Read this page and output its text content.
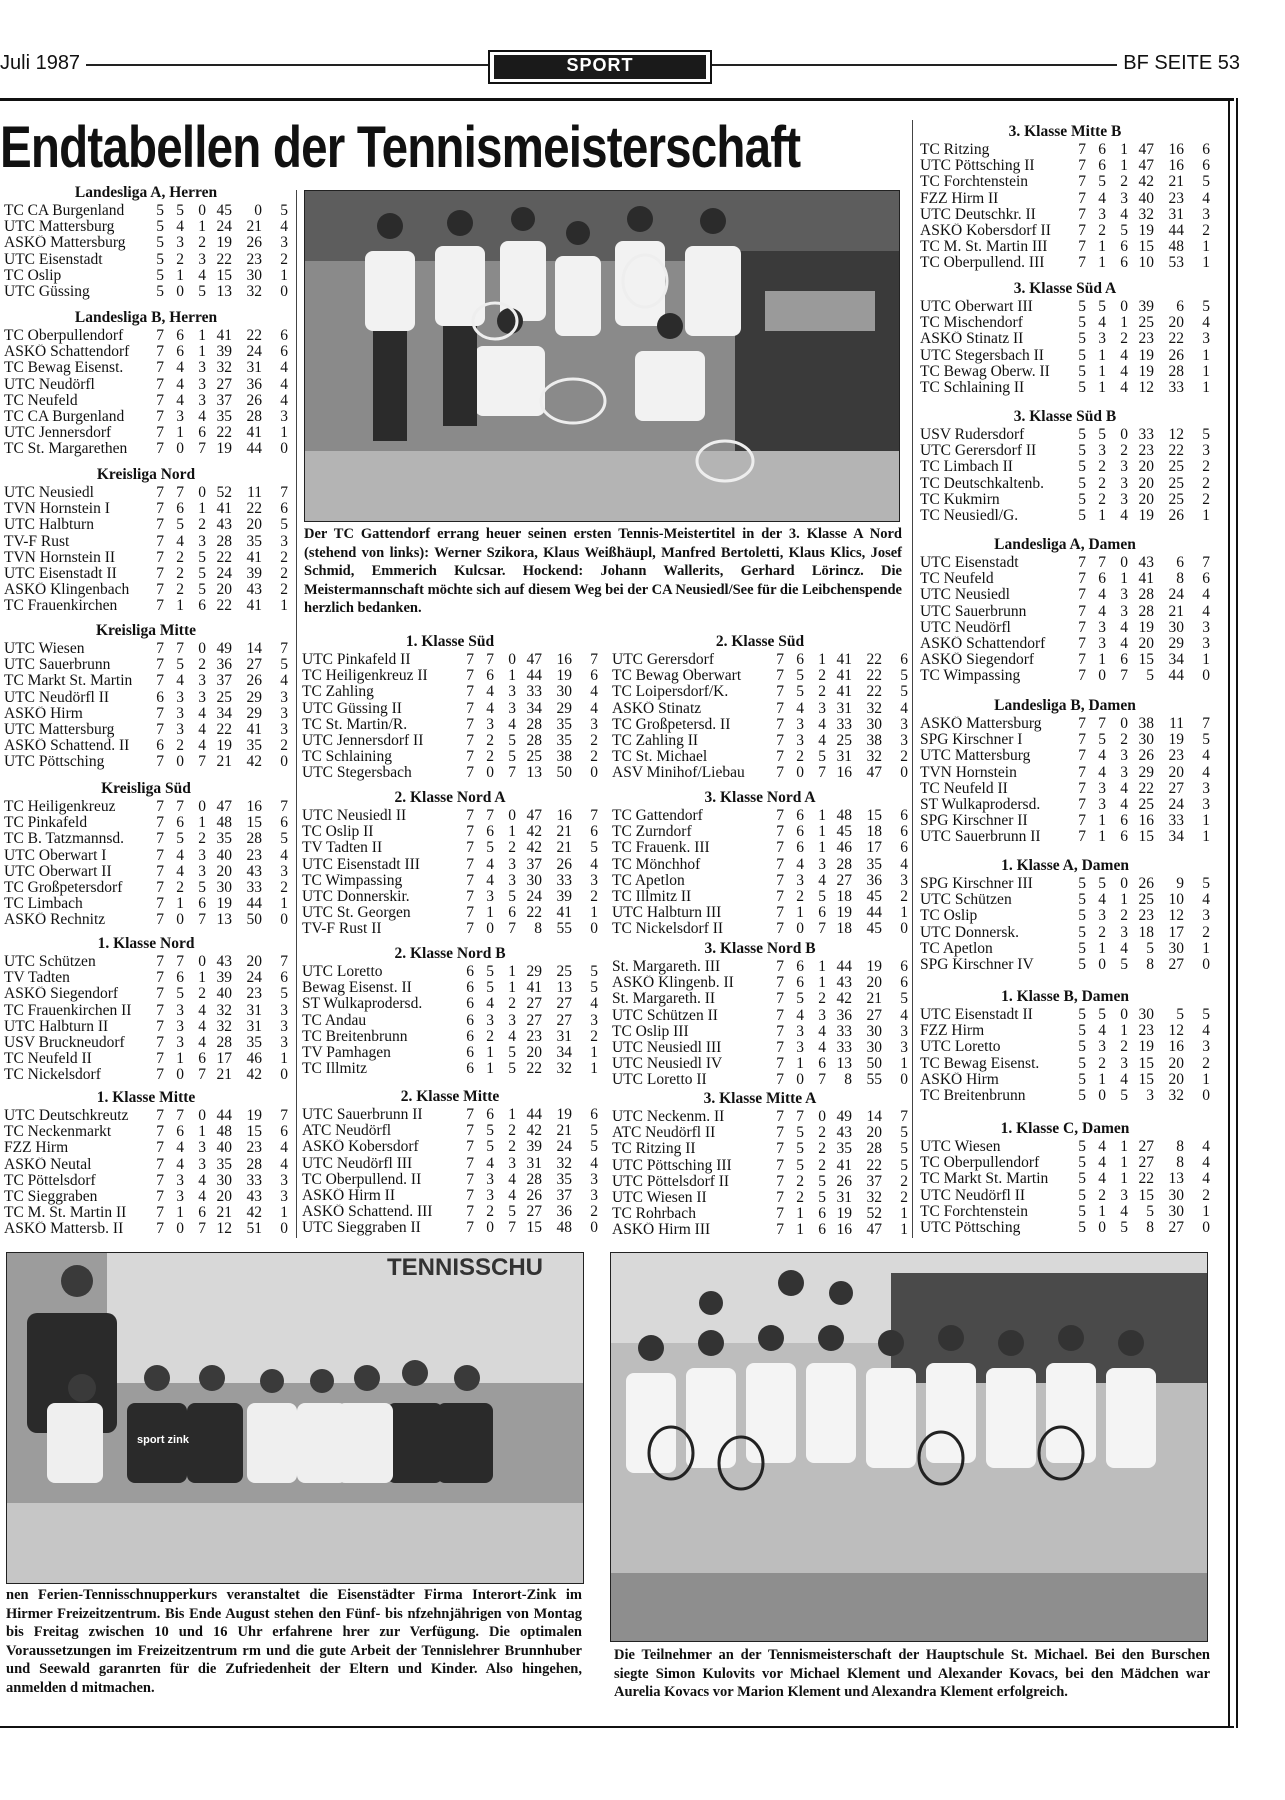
Juli 1987	SPORT	BF SEITE 53
Endtabellen der Tennismeisterschaft
Landesliga A, Herren
TC CA Burgenland	5 5 0 45	0	5
UTC Mattersburg	5 4 1 24 21	4
ASKÖ Mattersburg	5 3 2 19 26	3
UTC Eisenstadt	5 2 3 22 23	2
TC Oslip	5 1 4 15 30	1
UTC Güssing	5 0 5 13 32	0
Landesliga B, Herren
TC Oberpullendorf	7 6 1 41 22	6
ASKÖ Schattendorf	7 6 1 39 24	6
TC Bewag Eisenst.	7 4 3 32 31	4
UTC Neudörfl	7 4 3 27 36	4
TC Neufeld	7 4 3 37 26	4
TC CA Burgenland	7 3 4 35 28	3
UTC Jennersdorf	7 1 6 22 41	1
TC St. Margarethen	7 0 7 19 44	0
Kreisliga Nord
UTC Neusiedl	7 7 0 52 11	7
TVN Hornstein I	7 6 1 41 22	6
UTC Halbturn	7 5 2 43 20	5
TV-F Rust	7 4 3 28 35	3
TVN Hornstein II	7 2 5 22 41	2
UTC Eisenstadt II	7 2 5 24 39	2
ASKÖ Klingenbach	7 2 5 20 43	2
TC Frauenkirchen	7 1 6 22 41	1
Kreisliga Mitte
UTC Wiesen	7 7 0 49 14	7
UTC Sauerbrunn	7 5 2 36 27	5
TC Markt St. Martin	7 4 3 37 26	4
UTC Neudörfl II	6 3 3 25 29	3
ASKÖ Hirm	7 3 4 34 29	3
UTC Mattersburg	7 3 4 22 41	3
ASKÖ Schattend. II	6 2 4 19 35	2
UTC Pöttsching	7 0 7 21 42	0
Kreisliga Süd
TC Heiligenkreuz	7 7 0 47 16	7
TC Pinkafeld	7 6 1 48 15	6
TC B. Tatzmannsd.	7 5 2 35 28	5
UTC Oberwart I	7 4 3 40 23	4
UTC Oberwart II	7 4 3 20 43	3
TC Großpetersdorf	7 2 5 30 33	2
TC Limbach	7 1 6 19 44	1
ASKÖ Rechnitz	7 0 7 13 50	0
1. Klasse Nord
UTC Schützen	7 7 0 43 20	7
TV Tadten	7 6 1 39 24	6
ASKÖ Siegendorf	7 5 2 40 23	5
TC Frauenkirchen II	7 3 4 32 31	3
UTC Halbturn II	7 3 4 32 31	3
USV Bruckneudorf	7 3 4 28 35	3
TC Neufeld II	7 1 6 17 46	1
TC Nickelsdorf	7 0 7 21 42	0
1. Klasse Mitte
UTC Deutschkreutz	7 7 0 44 19	7
TC Neckenmarkt	7 6 1 48 15	6
FZZ Hirm	7 4 3 40 23	4
ASKÖ Neutal	7 4 3 35 28	4
TC Pöttelsdorf	7 3 4 30 33	3
TC Sieggraben	7 3 4 20 43	3
TC M. St. Martin II	7 1 6 21 42	1
ASKÖ Mattersb. II	7 0 7 12 51	0
1. Klasse Süd
UTC Pinkafeld II	7 7 0 47 16	7
TC Heiligenkreuz II	7 6 1 44 19	6
TC Zahling	7 4 3 33 30	4
UTC Güssing II	7 4 3 34 29	4
TC St. Martin/R.	7 3 4 28 35	3
UTC Jennersdorf II	7 2 5 28 35	2
TC Schlaining	7 2 5 25 38	2
UTC Stegersbach	7 0 7 13 50	0
2. Klasse Nord A
UTC Neusiedl II	7 7 0 47 16	7
TC Oslip II	7 6 1 42 21	6
TV Tadten II	7 5 2 42 21	5
UTC Eisenstadt III	7 4 3 37 26	4
TC Wimpassing	7 4 3 30 33	3
UTC Donnerskir.	7 3 5 24 39	2
UTC St. Georgen	7 1 6 22 41	1
TV-F Rust II	7 0 7	8 55	0
2. Klasse Nord B
UTC Loretto	6 5 1 29 25	5
Bewag Eisenst. II	6 5 1 41 13	5
ST Wulkaprodersd.	6 4 2 27 27	4
TC Andau	6 3 3 27 27	3
TC Breitenbrunn	6 2 4 23 31	2
TV Pamhagen	6 1 5 20 34	1
TC Illmitz	6 1 5 22 32	1
2. Klasse Mitte
UTC Sauerbrunn II	7 6 1 44 19	6
ATC Neudörfl	7 5 2 42 21	5
ASKÖ Kobersdorf	7 5 2 39 24	5
UTC Neudörfl III	7 4 3 31 32	4
TC Oberpullend. II	7 3 4 28 35	3
ASKÖ Hirm II	7 3 4 26 37	3
ASKÖ Schattend. III	7 2 5 27 36	2
UTC Sieggraben II	7 0 7 15 48	0
2. Klasse Süd
UTC Gerersdorf	7 6 1 41 22	6
TC Bewag Oberwart	7 5 2 41 22	5
TC Loipersdorf/K.	7 5 2 41 22	5
ASKÖ Stinatz	7 4 3 31 32	4
TC Großpetersd. II	7 3 4 33 30	3
TC Zahling II	7 3 4 25 38	3
TC St. Michael	7 2 5 31 32	2
ASV Minihof/Liebau	7 0 7 16 47	0
3. Klasse Nord A
TC Gattendorf	7 6 1 48 15	6
TC Zurndorf	7 6 1 45 18	6
TC Frauenk. III	7 6 1 46 17	6
TC Mönchhof	7 4 3 28 35	4
TC Apetlon	7 3 4 27 36	3
TC Illmitz II	7 2 5 18 45	2
UTC Halbturn III	7 1 6 19 44	1
TC Nickelsdorf II	7 0 7 18 45	0
3. Klasse Nord B
St. Margareth. III	7 6 1 44 19	6
ASKÖ Klingenb. II	7 6 1 43 20	6
St. Margareth. II	7 5 2 42 21	5
UTC Schützen II	7 4 3 36 27	4
TC Oslip III	7 3 4 33 30	3
UTC Neusiedl III	7 3 4 33 30	3
UTC Neusiedl IV	7 1 6 13 50	1
UTC Loretto II	7 0 7	8 55	0
3. Klasse Mitte A
UTC Neckenm. II	7 7 0 49 14	7
ATC Neudörfl II	7 5 2 43 20	5
TC Ritzing II	7 5 2 35 28	5
UTC Pöttsching III	7 5 2 41 22	5
UTC Pöttelsdorf II	7 2 5 26 37	2
UTC Wiesen II	7 2 5 31 32	2
TC Rohrbach	7 1 6 19 52	1
ASKÖ Hirm III	7 1 6 16 47	1
3. Klasse Mitte B
TC Ritzing	7 6 1 47 16	6
UTC Pöttsching II	7 6 1 47 16	6
TC Forchtenstein	7 5 2 42 21	5
FZZ Hirm II	7 4 3 40 23	4
UTC Deutschkr. II	7 3 4 32 31	3
ASKÖ Kobersdorf II	7 2 5 19 44	2
TC M. St. Martin III	7 1 6 15 48	1
TC Oberpullend. III	7 1 6 10 53	1
3. Klasse Süd A
UTC Oberwart III	5 5 0 39	6	5
TC Mischendorf	5 4 1 25 20	4
ASKÖ Stinatz II	5 3 2 23 22	3
UTC Stegersbach II	5 1 4 19 26	1
TC Bewag Oberw. II	5 1 4 19 28	1
TC Schlaining II	5 1 4 12 33	1
3. Klasse Süd B
USV Rudersdorf	5 5 0 33 12	5
UTC Gerersdorf II	5 3 2 23 22	3
TC Limbach II	5 2 3 20 25	2
TC Deutschkaltenb.	5 2 3 20 25	2
TC Kukmirn	5 2 3 20 25	2
TC Neusiedl/G.	5 1 4 19 26	1
Landesliga A, Damen
UTC Eisenstadt	7 7 0 43	6	7
TC Neufeld	7 6 1 41	8	6
UTC Neusiedl	7 4 3 28 24	4
UTC Sauerbrunn	7 4 3 28 21	4
UTC Neudörfl	7 3 4 19 30	3
ASKÖ Schattendorf	7 3 4 20 29	3
ASKÖ Siegendorf	7 1 6 15 34	1
TC Wimpassing	7 0 7	5 44	0
Landesliga B, Damen
ASKÖ Mattersburg	7 7 0 38 11	7
SPG Kirschner I	7 5 2 30 19	5
UTC Mattersburg	7 4 3 26 23	4
TVN Hornstein	7 4 3 29 20	4
TC Neufeld II	7 3 4 22 27	3
ST Wulkaprodersd.	7 3 4 25 24	3
SPG Kirschner II	7 1 6 16 33	1
UTC Sauerbrunn II	7 1 6 15 34	1
1. Klasse A, Damen
SPG Kirschner III	5 5 0 26	9	5
UTC Schützen	5 4 1 25 10	4
TC Oslip	5 3 2 23 12	3
UTC Donnersk.	5 2 3 18 17	2
TC Apetlon	5 1 4	5 30	1
SPG Kirschner IV	5 0 5	8 27	0
1. Klasse B, Damen
UTC Eisenstadt II	5 5 0 30	5	5
FZZ Hirm	5 4 1 23 12	4
UTC Loretto	5 3 2 19 16	3
TC Bewag Eisenst.	5 2 3 15 20	2
ASKÖ Hirm	5 1 4 15 20	1
TC Breitenbrunn	5 0 5	3 32	0
1. Klasse C, Damen
UTC Wiesen	5 4 1 27	8	4
TC Oberpullendorf	5 4 1 27	8	4
TC Markt St. Martin	5 4 1 22 13	4
UTC Neudörfl II	5 2 3 15 30	2
TC Forchtenstein	5 1 4	5 30	1
UTC Pöttsching	5 0 5	8 27	0
Der TC Gattendorf errang heuer seinen ersten Tennis-Meistertitel in der 3. Klasse A Nord (stehend von links): Werner Szikora, Klaus Weißhäupl, Manfred Bertoletti, Klaus Klics, Josef Schmid, Emmerich Kulcsar. Hockend: Johann Wallerits, Gerhard Lörincz. Die Meistermannschaft möchte sich auf diesem Weg bei der CA Neusiedl/See für die Leibchenspende herzlich bedanken.
TENNISSCHU
sport zink
nen Ferien-Tennisschnupperkurs veranstaltet die Eisenstädter Firma Interort-Zink im Hirmer Freizeitzentrum. Bis Ende August stehen den Fünf- bis nfzehnjährigen von Montag bis Freitag zwischen 10 und 16 Uhr erfahrene hrer zur Verfügung. Die optimalen Voraussetzungen im Freizeitzentrum rm und die gute Arbeit der Tennislehrer Brunnhuber und Seewald garanrten für die Zufriedenheit der Eltern und Kinder. Also hingehen, anmelden d mitmachen.
Die Teilnehmer an der Tennismeisterschaft der Hauptschule St. Michael. Bei den Burschen siegte Simon Kulovits vor Michael Klement und Alexander Kovacs, bei den Mädchen war Aurelia Kovacs vor Marion Klement und Alexandra Klement erfolgreich.
